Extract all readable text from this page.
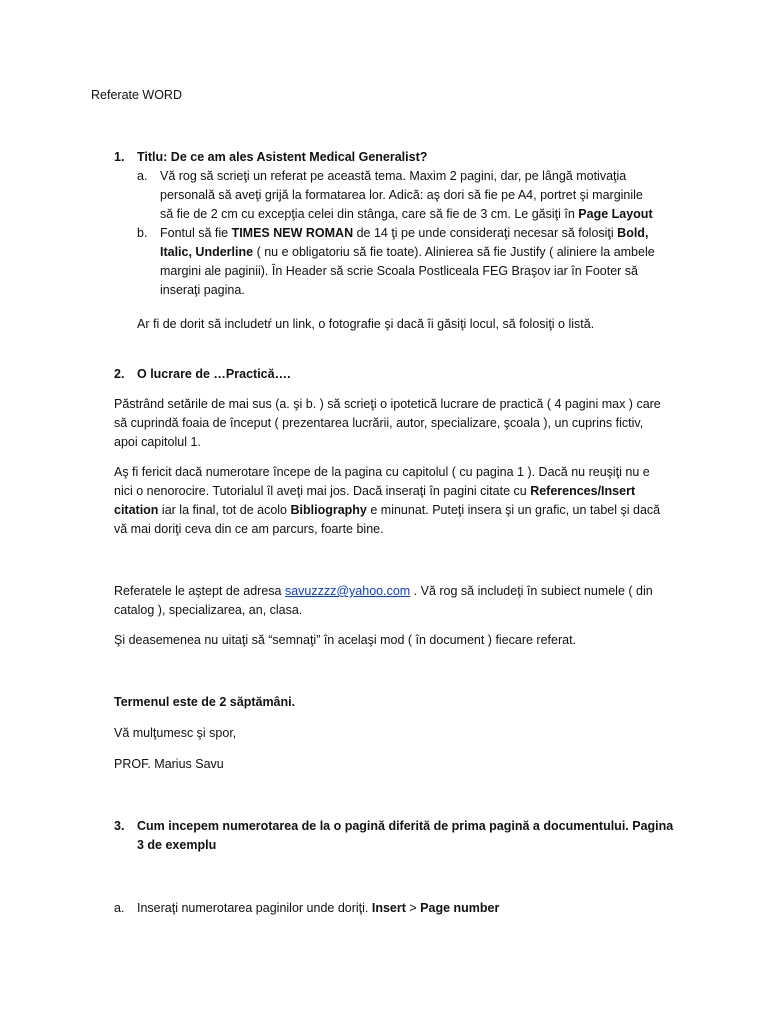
Referate WORD
1. Titlu: De ce am ales Asistent Medical Generalist?
a. Vă rog să scrieţi un referat pe această tema. Maxim 2 pagini, dar, pe lângă motivaţia
personală să aveţi grijă la formatarea lor. Adică: aş dori să fie pe A4, portret şi marginile
să fie de 2 cm cu excepţia celei din stânga, care să fie de 3 cm. Le găsiţi în Page Layout
b. Fontul să fie TIMES NEW ROMAN de 14 ţi pe unde consideraţi necesar să folosiţi Bold,
Italic, Underline ( nu e obligatoriu să fie toate). Alinierea să fie Justify ( aliniere la ambele
margini ale paginii). În Header să scrie Scoala Postliceala FEG Braşov iar în Footer să
inseraţi pagina.
Ar fi de dorit să includetŕ un link, o fotografie şi dacă îi găsiţi locul, să folosiţi o listă.
2. O lucrare de …Practică….
Păstrând setările de mai sus (a. şi b. ) să scrieţi o ipotetică lucrare de practică ( 4 pagini max ) care
să cuprindă foaia de început ( prezentarea lucrării, autor, specializare, şcoala ), un cuprins fictiv,
apoi capitolul 1.
Aş fi fericit dacă numerotare începe de la pagina cu capitolul ( cu pagina 1 ). Dacă nu reuşiţi nu e
nici o nenorocire. Tutorialul îl aveţi mai jos. Dacă inseraţi în pagini citate cu References/Insert
citation iar la final, tot de acolo Bibliography e minunat. Puteţi insera şi un grafic, un tabel şi dacă
vă mai doriţi ceva din ce am parcurs, foarte bine.
Referatele le aştept de adresa savuzzzz@yahoo.com . Vă rog să includeţi în subiect numele ( din
catalog ), specializarea, an, clasa.
Şi deasemenea nu uitaţi să “semnaţi” în acelaşi mod ( în document ) fiecare referat.
Termenul este de 2 săptămâni.
Vă mulţumesc şi spor,
PROF. Marius Savu
3. Cum incepem numerotarea de la o pagină diferită de prima pagină a documentului. Pagina
3 de exemplu
a. Inseraţi numerotarea paginilor unde doriţi. Insert > Page number
